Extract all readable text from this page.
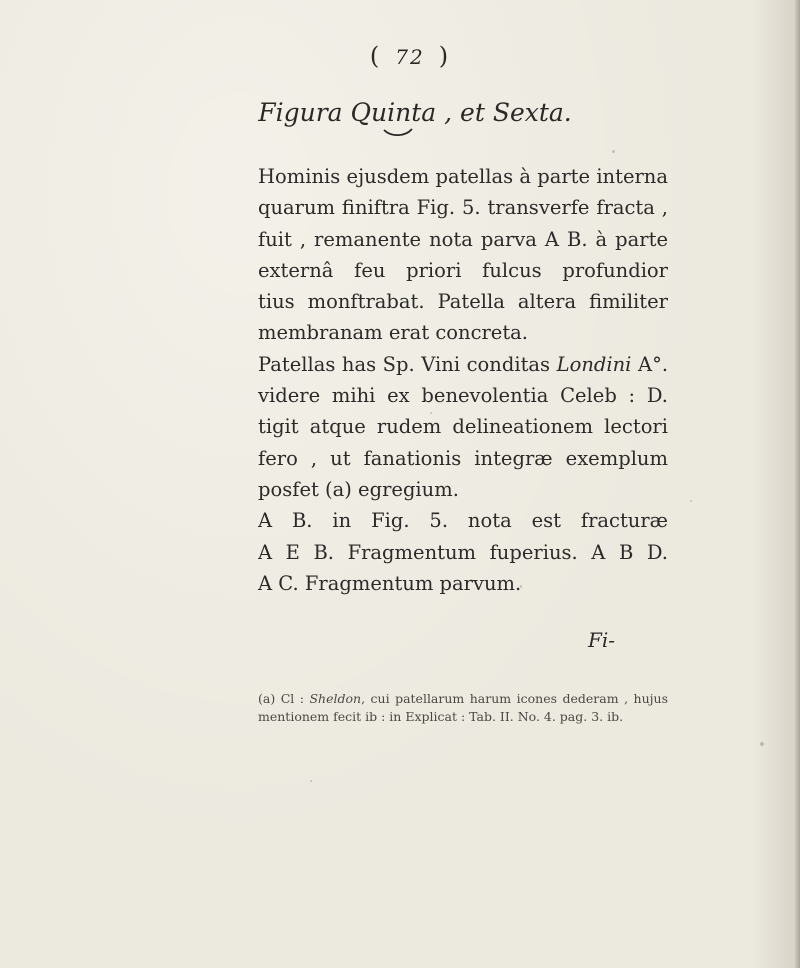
( 72 )
Figura Quinta , et Sexta.
Hominis ejusdem patellas à parte interna
quarum finiftra Fig. 5. transverfe fracta ,
fuit , remanente nota parva A B. à parte
externâ feu priori fulcus profundior
tius monftrabat. Patella altera fimiliter
membranam erat concreta.
Patellas has Sp. Vini conditas Londini A°.
videre mihi ex benevolentia Celeb : D.
tigit atque rudem delineationem lectori
fero , ut fanationis integræ exemplum
posfet (a) egregium.
A B. in Fig. 5. nota est fracturæ
A E B. Fragmentum fuperius. A B D.
A C. Fragmentum parvum.
Fi-
(a) Cl : Sheldon, cui patellarum harum icones dederam , hujus
mentionem fecit ib : in Explicat : Tab. II. No. 4. pag. 3. ib.
